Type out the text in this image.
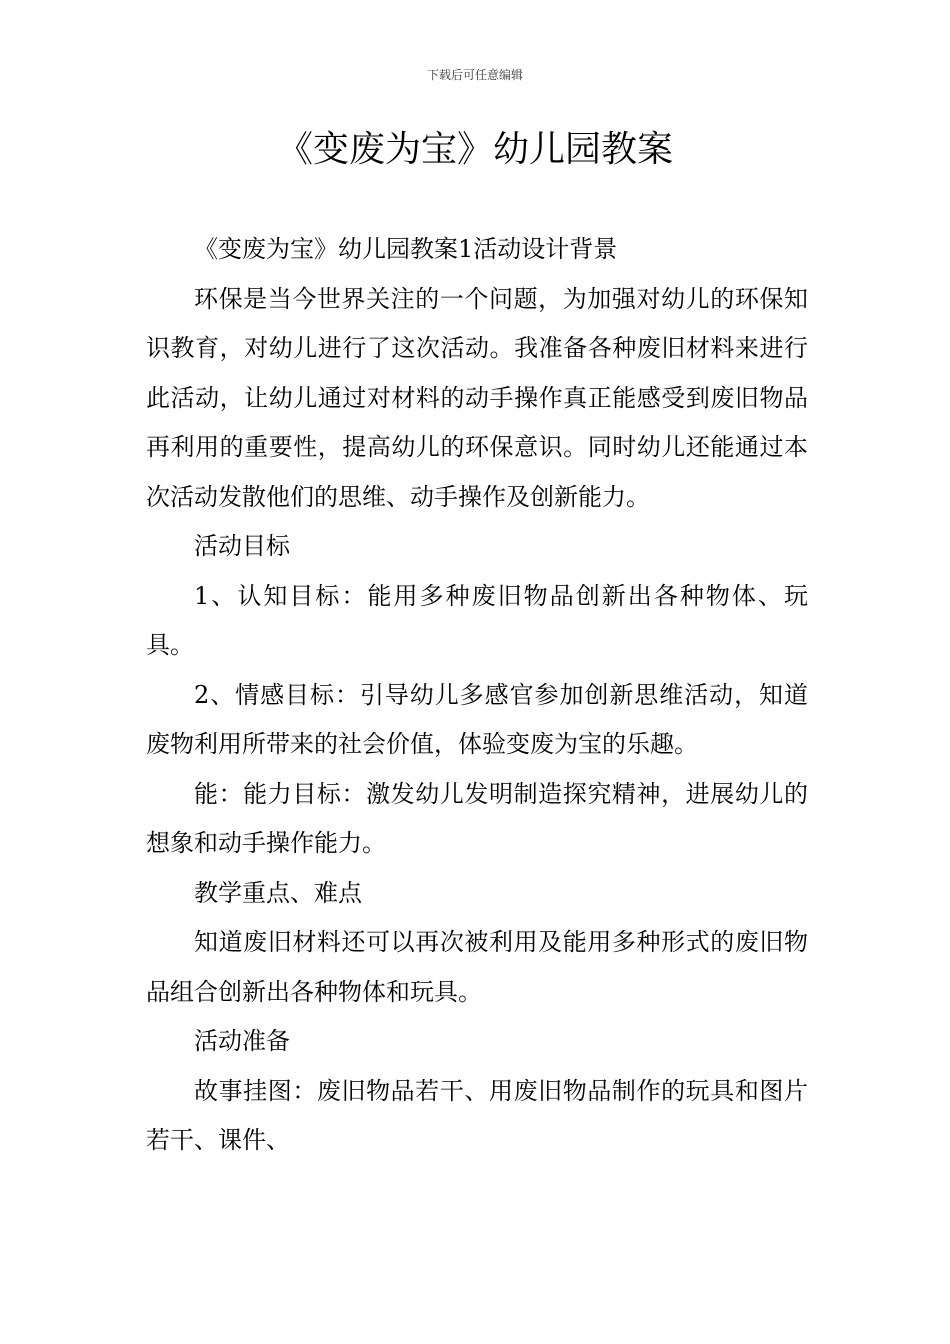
下载后可任意编辑
《变废为宝》幼儿园教案

《变废为宝》幼儿园教案1活动设计背景

环保是当今世界关注的一个问题，为加强对幼儿的环保知识教育，对幼儿进行了这次活动。我准备各种废旧材料来进行此活动，让幼儿通过对材料的动手操作真正能感受到废旧物品再利用的重要性，提高幼儿的环保意识。同时幼儿还能通过本次活动发散他们的思维、动手操作及创新能力。

活动目标

1、认知目标：能用多种废旧物品创新出各种物体、玩具。

2、情感目标：引导幼儿多感官参加创新思维活动，知道废物利用所带来的社会价值，体验变废为宝的乐趣。

能：能力目标：激发幼儿发明制造探究精神，进展幼儿的想象和动手操作能力。

教学重点、难点

知道废旧材料还可以再次被利用及能用多种形式的废旧物品组合创新出各种物体和玩具。

活动准备

故事挂图：废旧物品若干、用废旧物品制作的玩具和图片若干、课件、
